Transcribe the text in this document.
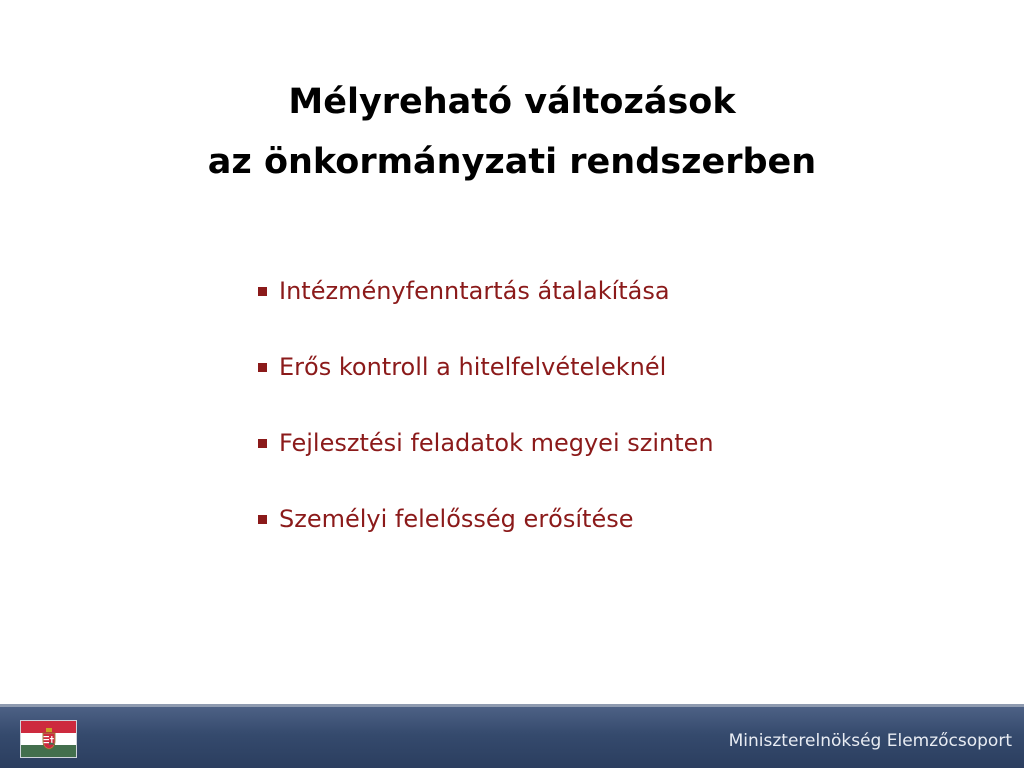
Mélyreható változások
az önkormányzati rendszerben
Intézményfenntartás átalakítása
Erős kontroll a hitelfelvételeknél
Fejlesztési feladatok megyei szinten
Személyi felelősség erősítése
Miniszterelnökség Elemzőcsoport
